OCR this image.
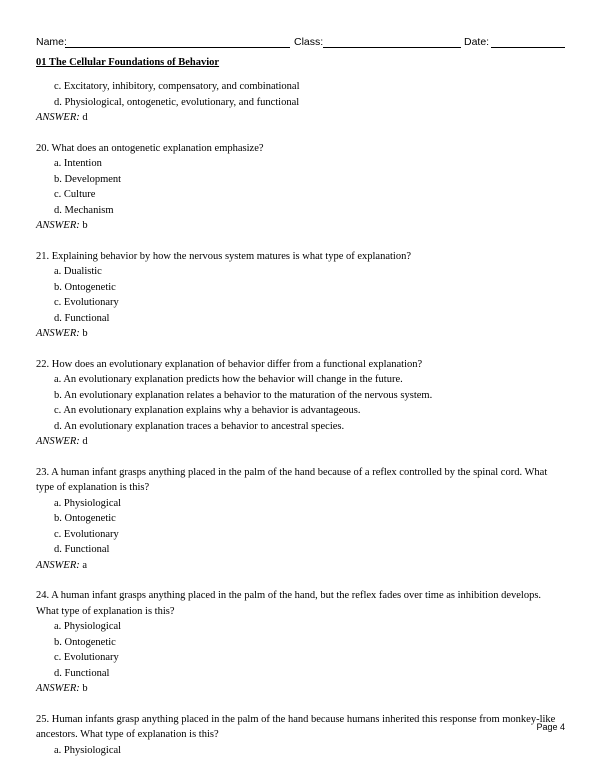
Name:	Class:	Date:
01 The Cellular Foundations of Behavior
c. Excitatory, inhibitory, compensatory, and combinational
d. Physiological, ontogenetic, evolutionary, and functional
ANSWER: d
20. What does an ontogenetic explanation emphasize?
a. Intention
b. Development
c. Culture
d. Mechanism
ANSWER: b
21. Explaining behavior by how the nervous system matures is what type of explanation?
a. Dualistic
b. Ontogenetic
c. Evolutionary
d. Functional
ANSWER: b
22. How does an evolutionary explanation of behavior differ from a functional explanation?
a. An evolutionary explanation predicts how the behavior will change in the future.
b. An evolutionary explanation relates a behavior to the maturation of the nervous system.
c. An evolutionary explanation explains why a behavior is advantageous.
d. An evolutionary explanation traces a behavior to ancestral species.
ANSWER: d
23. A human infant grasps anything placed in the palm of the hand because of a reflex controlled by the spinal cord. What type of explanation is this?
a. Physiological
b. Ontogenetic
c. Evolutionary
d. Functional
ANSWER: a
24. A human infant grasps anything placed in the palm of the hand, but the reflex fades over time as inhibition develops. What type of explanation is this?
a. Physiological
b. Ontogenetic
c. Evolutionary
d. Functional
ANSWER: b
25. Human infants grasp anything placed in the palm of the hand because humans inherited this response from monkey-like ancestors. What type of explanation is this?
a. Physiological
Page 4
